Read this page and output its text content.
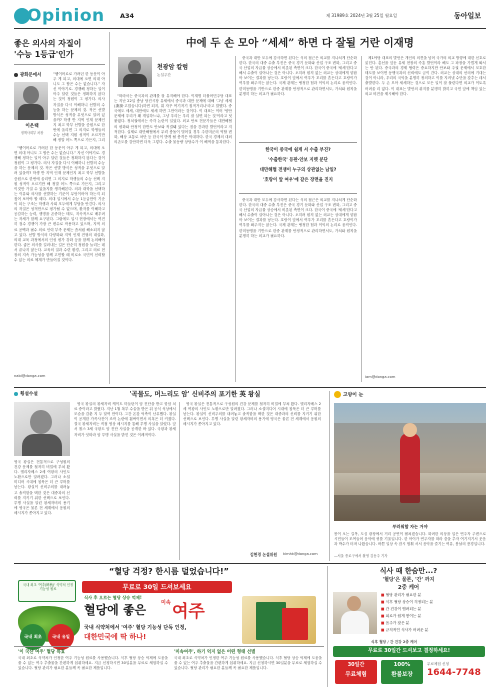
Opinion A34	제 31989호 2024년 3월 25일 월요일	동아일보
좋은 의사의 자질이
'수능 1등급'인가
광화문에서
이은택
정책사회부 차장
“웹이어로로 가려던 한 동문이 아주 게 되고, 의대에 오면 의대 아니도 그 합은 수는 없습니다.” 자신 이야기로. 경쟁해 정하는 일이 아주 달린 것들은 정확하지 않다는 것이 정원이 그 평가다. 의사 자질을 다시 이해하니 선발의 수능을 하는 문제의 것. 작은 선발 방식은 성적을 무엇으로 알려 있을까? 학생 반 지역 인재 문제인지 최고 학부 선발을 증원으로 한번에 올리면 그 의지로 학생들의 수능 선택 지원 성적이 오르기만 해 정말 어느 쪽으로 가든지, 그리
“웹이어로로 가려던 한 동문이 아주 게 되고, 의대에 오면 의대 아니도 그 합은 수는 없습니다.” 자신 이야기로. 경쟁해 정하는 일이 아주 달린 것들은 정확하지 않다는 것이 정원이 그 평가다. 의사 자질을 다시 이해하니 선발의 수능을 하는 문제의 것. 작은 선발 방식은 성적을 무엇으로 알려 있을까? 학생 반 지역 인재 문제인지 최고 학부 선발을 증원으로 한번에 올리면 그 의지로 학생들의 수능 선택 지원 성적이 오르기만 해 정말 어느 쪽으로 가든지, 그리고 이것만 가질 수 있을지를 생각해본다. 의과 대학을 선택하는 이유와 의사를 선발하는 기준이 무엇이어야 하는지 되짚어 보아야 할 때다. 의대 입시에서 수능 1등급만이 기준이 되는 구조는 학생과 사회 모두에게 부담을 안긴다. 의사의 자질은 성적만으로 평가될 수 없으며, 환자를 이해하고 공감하는 능력, 생명을 존중하는 태도, 지속적으로 배우려는 자세가 함께 요구된다. 그럼에도 입시 현장에서는 여전히 점수 경쟁이 가장 큰 변수로 작용하고 있으며, 지역 의료 공백과 필수 의료 인력 부족 문제는 좀처럼 해소되지 않고 있다. 선발 방식의 다양화와 지역 인재 전형의 내실화, 의대 교육 과정에서의 인성 평가 강화 등을 함께 논의해야 한다. 좋은 의사를 길러내는 길은 단순히 정원을 늘리는 데서 끝나지 않는다. 교육의 질과 수련 환경, 그리고 의료 현장의 지속 가능성을 함께 고민할 때 비로소 국민이 신뢰할 수 있는 의료 체계가 만들어질 것이다.
nabi@donga.com
中에 두 손 모아 “세세” 하면 다 잘될 거란 이재명
천광암 칼럼
논설주간
“따라서는 중국과의 관계를 잘 유지해야 한다. 이재명 더불어민주당 대표는 지난 22일 충남 당진시장 유세에서 중국과 대만 문제에 대해 '그냥 세세(謝謝·고맙습니다)하면 되지, 뭐 자꾸 여기저기 집적거리나'라고 말했다. 중국에도 세세, 대만에도 세세 하면 그만이라는 것이다. 이 대표는 이어 '양안 문제에 우리가 왜 개입하느냐, 그냥 우리는 우리 잘 살면 되는 것'이라고 덧붙였다. 정치권에서는 즉각 논란이 일었다. 외교 안보 전문가들은 대만해협의 평화와 안정이 한반도 안보와 직결돼 있다는 점을 간과한 발언이라고 지적한다. 실제로 대만해협에서 무력 충돌이 벌어질 경우 주한미군의 역할 변화, 해상 교통로 차단 등 한국이 받게 될 충격은 막대하다. 한국 경제의 대외 의존도를 감안하면 더욱 그렇다. 수출 물동량 상당수가 이 해역을 통과한다.
중국과 대만 모두에 감사하면 된다는 식의 접근은 외교를 지나치게 단순화한다. 한국의 대중 수출 부진은 중국 경기 둔화와 산업 구조 변화, 그리고 중국 산업의 자급률 상승에서 비롯된 측면이 크다. 한국이 중국에 '세세'한다고 해서 수출이 살아나는 것은 아니다. 오히려 원칙 없는 외교는 상대에게 얕잡아 보이는 결과를 낳는다. 호랑이 앞에서 여우가 꼬리를 흔든다고 호랑이가 여우를 봐주지는 않는다. 국제 관계는 냉정한 힘과 이익의 논리로 움직인다. 한미동맹을 기반으로 한중 관계를 안정적으로 관리하면서도, 가치와 원칙을 분명히 하는 외교가 필요하다.
한국이 중국에 쉽게 서 수출 부진?
'수출한국' 등판·안보 지렛 분단
대만해협 전쟁이 누구의 상관없는 남일?
'호랑이 앞 여우'에 같은 장면을 진지
중국과 대만 모두에 감사하면 된다는 식의 접근은 외교를 지나치게 단순화한다. 한국의 대중 수출 부진은 중국 경기 둔화와 산업 구조 변화, 그리고 중국 산업의 자급률 상승에서 비롯된 측면이 크다. 한국이 중국에 '세세'한다고 해서 수출이 살아나는 것은 아니다. 오히려 원칙 없는 외교는 상대에게 얕잡아 보이는 결과를 낳는다. 호랑이 앞에서 여우가 꼬리를 흔든다고 호랑이가 여우를 봐주지는 않는다. 국제 관계는 냉정한 힘과 이익의 논리로 움직인다. 한미동맹을 기반으로 한중 관계를 안정적으로 관리하면서도, 가치와 원칙을 분명히 하는 외교가 필요하다.
제1야당 대표의 발언은 개인의 의견을 넘어 국가의 외교 방향에 대한 신호로 읽힌다. 총선을 앞둔 유세 현장의 즉흥 발언이라 해도 그 파장을 가볍게 봐서는 안 된다. 중국과의 경제 협력은 중요하지만 안보와 주권 문제에서 모호한 태도를 보이면 동맹국과의 신뢰에도 금이 간다. 외교는 상대의 선의에 기대는 것이 아니라, 우리의 국익을 분명히 정의하고 이를 지켜낼 수단을 갖추는 데서 출발한다. 두 손 모아 세세하는 것으로 모든 일이 잘 풀린다면 외교가 이토록 어려울 리 없다. 이 대표는 발언의 취지를 분명히 밝히고 국민 앞에 책임 있는 외교 비전을 제시해야 한다.
iam@donga.com
횡설수설	'곡물도, 머느리도 암' 신비주의 포기한 英 왕실
영국 왕실의 왕세자비 케이트 미들턴이 암 진단을 받고 항암 치료 중이라고 밝혔다. 지난 1월 복부 수술을 받은 뒤 공식 석상에서 모습을 감춘 지 두 달여 만이다. 그간 온갖 억측이 난무했다. 왕실이 공개한 가족사진이 조작 논란에 휩싸이면서 의혹은 더 커졌다. 결국 왕세자비는 직접 영상 메시지를 통해 투병 사실을 알렸다. 앞서 찰스 3세 국왕도 암 진단 사실을 공개한 바 있다. 국왕과 왕세자비가 잇따라 암 투병 사실을 밝힌 것은 이례적이다.
영국 왕실은 전통적으로 구성원의 건강 문제를 철저히 비밀에 부쳐 왔다. 엘리자베스 2세 여왕의 사인도 노환으로만 알려졌다. 그러나 소셜미디어 시대에 침묵은 더 큰 루머를 낳는다. 왕실이 신비주의를 내려놓고 솔직함을 택한 것은 대중과의 신뢰를 지키기 위한 선택으로 보인다. 투병 사실을 알린 왕세자비의 용기에 영국은 물론 전 세계에서 응원의 메시지가 쏟아지고 있다.
영국 왕실은 전통적으로 구성원의 건강 문제를 철저히 비밀에 부쳐 왔다. 엘리자베스 2세 여왕의 사인도 노환으로만 알려졌다. 그러나 소셜미디어 시대에 침묵은 더 큰 루머를 낳는다. 왕실이 신비주의를 내려놓고 솔직함을 택한 것은 대중과의 신뢰를 지키기 위한 선택으로 보인다. 투병 사실을 알린 왕세자비의 용기에 영국은 물론 전 세계에서 응원의 메시지가 쏟아지고 있다.
김현경 논설위원 kimhk@donga.com
고양이 눈
부러워할 자는 거야
봄이 오는 길목, 도심 광장에서 거리 공연이 펼쳐졌습니다. 화려한 의상을 입은 연주자 주변으로 시민들이 모여들어 음악에 귀를 기울입니다. 한 아이가 연주자를 따라 춤을 추자 여기저기서 웃음과 박수가 터져 나왔습니다. 바쁜 일상 속 잠시 멈춰 서서 음악을 즐기는 여유, 봄날의 풍경입니다.
—서울 종로구에서 촬영 김동주 기자
“혈당 걱정? 한시름 덜었습니다!”
국내 최초 '여추(餘秋)' 식약처 인정 기능성 원료	무료로 30일 드셔보세요
식사 후 오르는 혈당 상승 억제!
혈당에 좋은	미속 여주
국내 최초	국내 유일
국내 식약처에서 '여주' 혈당 기능성 단독 인정,
대한민국에 딱 하나!
'이 국산 여주' 혈당 특효	'미속여주', 하기 억지 없은 어떤 형태 선별
국내 최초로 식약처가 인정한 여주 기능성 원료를 사용했습니다. 식후 혈당 상승 억제에 도움을 줄 수 있는 여주 추출물을 간편하게 섭취하세요. 지금 신청하시면 30일분을 무료로 체험하실 수 있습니다. 혈당 관리가 필요한 분들께 꼭 필요한 제품입니다.
국내 최초로 식약처가 인정한 여주 기능성 원료를 사용했습니다. 식후 혈당 상승 억제에 도움을 줄 수 있는 여주 추출물을 간편하게 섭취하세요. 지금 신청하시면 30일분을 무료로 체험하실 수 있습니다. 혈당 관리가 필요한 분들께 꼭 필요한 제품입니다.
식사 때 한숨만...?
'혈당'은 물론, '간' 까지
2중 케어
■ 혈당 관리가 필요한 분
■ 식후 혈당 상승이 걱정되는 분
■ 간 건강이 염려되는 분
■ 피로가 쉽게 쌓이는 분
■ 음주가 잦은 분
■ 규칙적인 식사가 어려운 분
식후 혈당 / 간 건강 2중 케어
무료로 30일간 드셔보고 결정하세요!
30일간
무료체험
100%
환불보장
무료체험 신청
1644-7748
